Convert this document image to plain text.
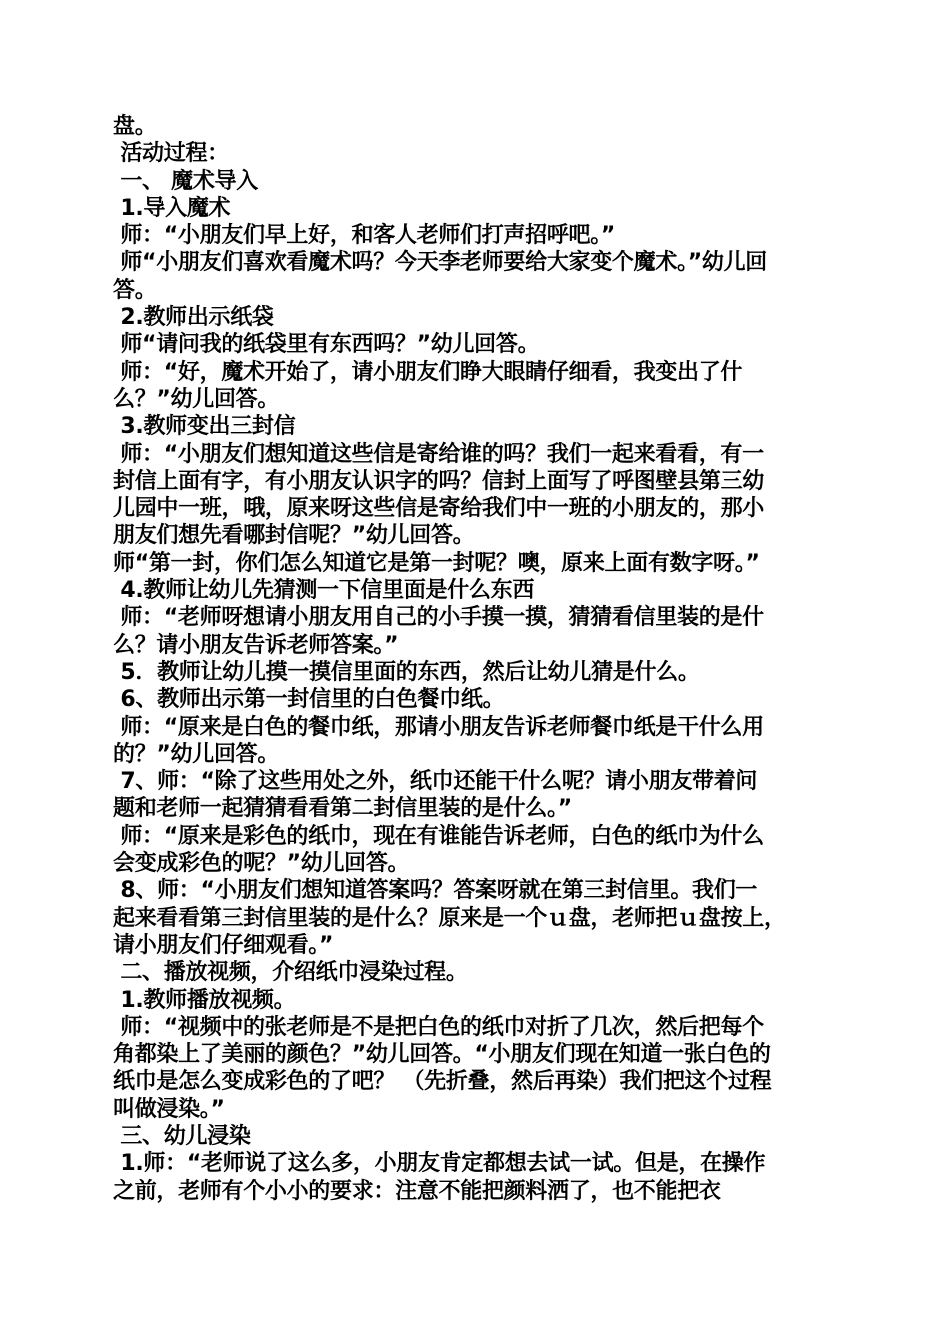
盘。
活动过程：
一、 魔术导入
1.导入魔术
师：“小朋友们早上好，和客人老师们打声招呼吧。”
师“小朋友们喜欢看魔术吗？今天李老师要给大家变个魔术。”幼儿回
答。
2.教师出示纸袋
师“请问我的纸袋里有东西吗？”幼儿回答。
师：“好，魔术开始了，请小朋友们睁大眼睛仔细看，我变出了什
么？”幼儿回答。
3.教师变出三封信
师：“小朋友们想知道这些信是寄给谁的吗？我们一起来看看，有一
封信上面有字，有小朋友认识字的吗？信封上面写了呼图壁县第三幼
儿园中一班，哦，原来呀这些信是寄给我们中一班的小朋友的，那小
朋友们想先看哪封信呢？”幼儿回答。
师“第一封，你们怎么知道它是第一封呢？噢，原来上面有数字呀。”
4.教师让幼儿先猜测一下信里面是什么东西
师：“老师呀想请小朋友用自己的小手摸一摸，猜猜看信里装的是什
么？请小朋友告诉老师答案。”
5．教师让幼儿摸一摸信里面的东西，然后让幼儿猜是什么。
6、教师出示第一封信里的白色餐巾纸。
师：“原来是白色的餐巾纸，那请小朋友告诉老师餐巾纸是干什么用
的？”幼儿回答。
7、师：“除了这些用处之外，纸巾还能干什么呢？请小朋友带着问
题和老师一起猜猜看看第二封信里装的是什么。”
师：“原来是彩色的纸巾，现在有谁能告诉老师，白色的纸巾为什么
会变成彩色的呢？”幼儿回答。
8、师：“小朋友们想知道答案吗？答案呀就在第三封信里。我们一
起来看看第三封信里装的是什么？原来是一个ｕ盘，老师把ｕ盘按上，
请小朋友们仔细观看。”
二、播放视频，介绍纸巾浸染过程。
1.教师播放视频。
师：“视频中的张老师是不是把白色的纸巾对折了几次，然后把每个
角都染上了美丽的颜色？”幼儿回答。“小朋友们现在知道一张白色的
纸巾是怎么变成彩色的了吧？ （先折叠，然后再染）我们把这个过程
叫做浸染。”
三、幼儿浸染
1.师：“老师说了这么多，小朋友肯定都想去试一试。但是，在操作
之前，老师有个小小的要求：注意不能把颜料洒了，也不能把衣
